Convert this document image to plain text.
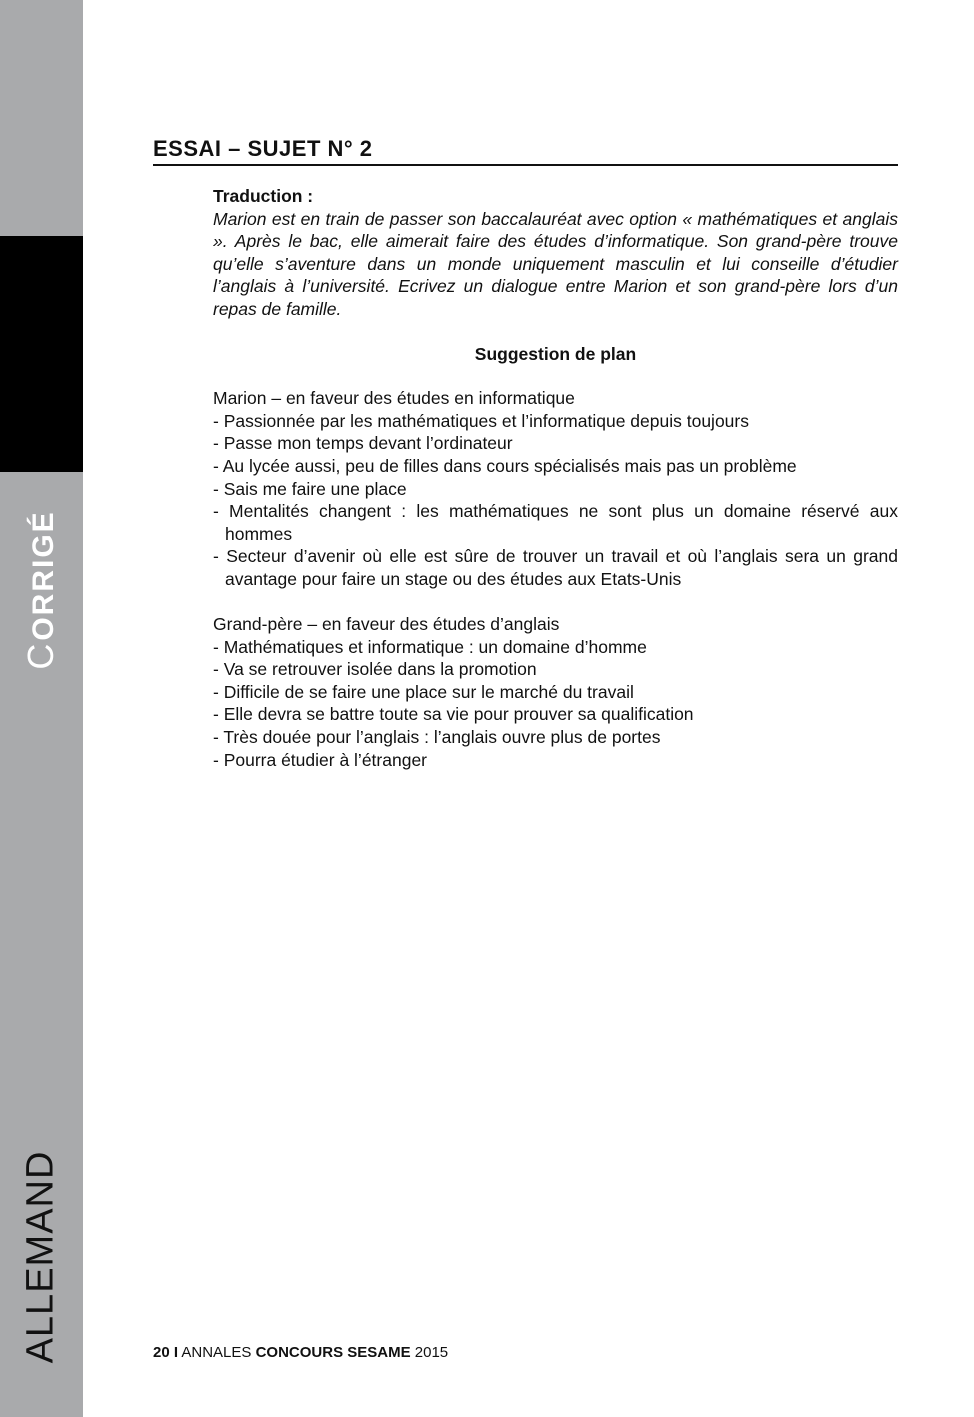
CORRIGÉ
ALLEMAND
ESSAI – SUJET N° 2

Traduction :

Marion est en train de passer son baccalauréat avec option « mathématiques et anglais ». Après le bac, elle aimerait faire des études d’informatique. Son grand-père trouve qu’elle s’aventure dans un monde uniquement masculin et lui conseille d’étudier l’anglais à l’université. Ecrivez un dialogue entre Marion et son grand-père lors d’un repas de famille.

Suggestion de plan

Marion – en faveur des études en informatique

- Passionnée par les mathématiques et l’informatique depuis toujours
- Passe mon temps devant l’ordinateur
- Au lycée aussi, peu de filles dans cours spécialisés mais pas un problème
- Sais me faire une place
- Mentalités changent : les mathématiques ne sont plus un domaine réservé aux hommes
- Secteur d’avenir où elle est sûre de trouver un travail et où l’anglais sera un grand avantage pour faire un stage ou des études aux Etats-Unis

Grand-père – en faveur des études d’anglais

- Mathématiques et informatique : un domaine d’homme
- Va se retrouver isolée dans la promotion
- Difficile de se faire une place sur le marché du travail
- Elle devra se battre toute sa vie pour prouver sa qualification
- Très douée pour l’anglais : l’anglais ouvre plus de portes
- Pourra étudier à l’étranger
20 I ANNALES CONCOURS SESAME 2015
